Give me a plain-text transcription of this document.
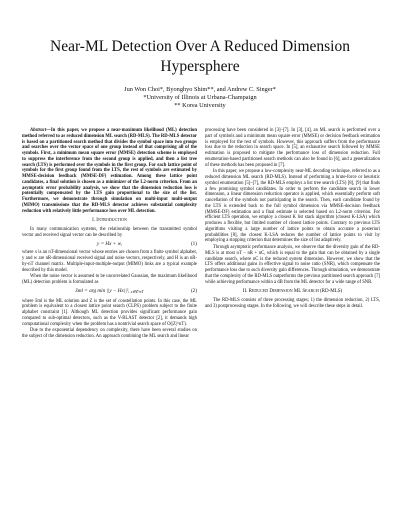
Near-ML Detection Over A Reduced Dimension Hypersphere
Jun Won Choi*, Byonghyo Shim**, and Andrew C. Singer*
*University of Illinois at Urbana-Champaign
** Korea University

Abstract—In this paper, we propose a near-maximum likelihood (ML) detection method referred to as reduced dimension ML search (RD-MLS). The RD-MLS detector is based on a partitioned search method that divides the symbol space into two groups and searches over the vector space of one group instead of that comprising all of the symbols. First, a minimum mean square error (MMSE) detection scheme is employed to suppress the interference from the second group is applied, and then a list tree search (LTS) is performed over the symbols in the first group. For each lattice point of symbols for the first group found from the LTS, the rest of symbols are estimated by MMSE-decision feedback (MMSE-DF) estimation. Among these lattice point candidates, a final solution is chosen as a minimizer of the L2-norm criterion. From an asymptotic error probability analysis, we show that the dimension reduction loss is potentially compensated by the LTS gain proportional to the size of the list. Furthermore, we demonstrate through simulation on multi-input multi-output (MIMO) transmissions that the RD-MLS detector achieves substantial complexity reduction with relatively little performance loss over ML detection.

I. Introduction

In many communication systems, the relationship between the transmitted symbol vector and received signal vector can be described by

y = Hx + w,	(1)

where x is an nT-dimensional vector whose entries are chosen from a finite symbol alphabet, y and w are nR-dimensional received signal and noise vectors, respectively, and H is an nR-by-nT channel matrix. Multiple-input-multiple-output (MIMO) links are a typical example described by this model.

When the noise vector is assumed to be uncorrelated Gaussian, the maximum likelihood (ML) detection problem is formulated as

x̂ml = arg min ||y − Hx||², $_{x\in Z\^{}nT}$	(2)

where x̂ml is the ML solution and Z is the set of constellation points. In this case, the ML problem is equivalent to a closest lattice point search (CLPS) problem subject to the finite alphabet constraint [1]. Although ML detection provides significant performance gain compared to sub-optimal detectors, such as the V-BLAST detector [2], it demands high computational complexity when the problem has a nontrivial search space of O(|Z|^nT).

Due to the exponential dependency on complexity, there have been several studies on the subject of the dimension reduction. An approach combining the ML search and linear

processing have been considered in [3]–[7]. In [3], [4], an ML search is performed over a part of symbols and a minimum mean square error (MMSE) or decision feedback estimation is employed for the rest of symbols. However, this approach suffers from the performance loss due to the reduction in search space. In [5], an exhaustive search followed by MMSE estimation is proposed to mitigate the performance loss of dimension reduction. Full enumeration-based partitioned search methods can also be found in [6], and a generalization of these methods has been proposed in [7].

In this paper, we propose a low-complexity near-ML decoding technique, referred to as a reduced dimension ML search (RD-MLS). Instead of performing a brute-force or heuristic symbol enumeration [5]–[7], the RD-MLS employs a list tree search (LTS) [8], [9] that finds a few promising symbol candidates. In order to perform the candidate search in lower dimension, a linear dimension reduction operator is applied, which essentially perform soft cancellation of the symbols not participating in the search. Then, each candidate found by the LTS is extended back to the full symbol dimension via MMSE-decision feedback (MMSE-DF) estimation and a final estimate is selected based on L2-norm criterion. For efficient LTS operation, we employ a closest K list stack algorithm (closest K-LSA) which produces a flexible, but limited number of closest lattice points. Contrary to previous LTS algorithms visiting a large number of lattice points to obtain accurate a posteriori probabilities [8], the closest K-LSA reduces the number of lattice points to visit by employing a stopping criterion that determines the size of list adaptively.

Through asymptotic performance analysis, we observe that the diversity gain of the RD-MLS is at most nT − nR + nC, which is equal to the gain that can be obtained by a single candidate search, where nC is the reduced system dimension. However, we show that the LTS offers additional gains in effective signal to noise ratio (SNR), which compensate the performance loss due to such diversity gain differences. Through simulation, we demonstrate that the complexity of the RD-MLS outperforms the previous partitioned search approach [7] while achieving performance within a dB from the ML detector for a wide range of SNR.

II. Reduced Dimension ML Search (RD-MLS)

The RD-MLS consists of three processing stages; 1) the dimension reduction, 2) LTS, and 3) postprocessing stages. In the following, we will describe these steps in detail.
